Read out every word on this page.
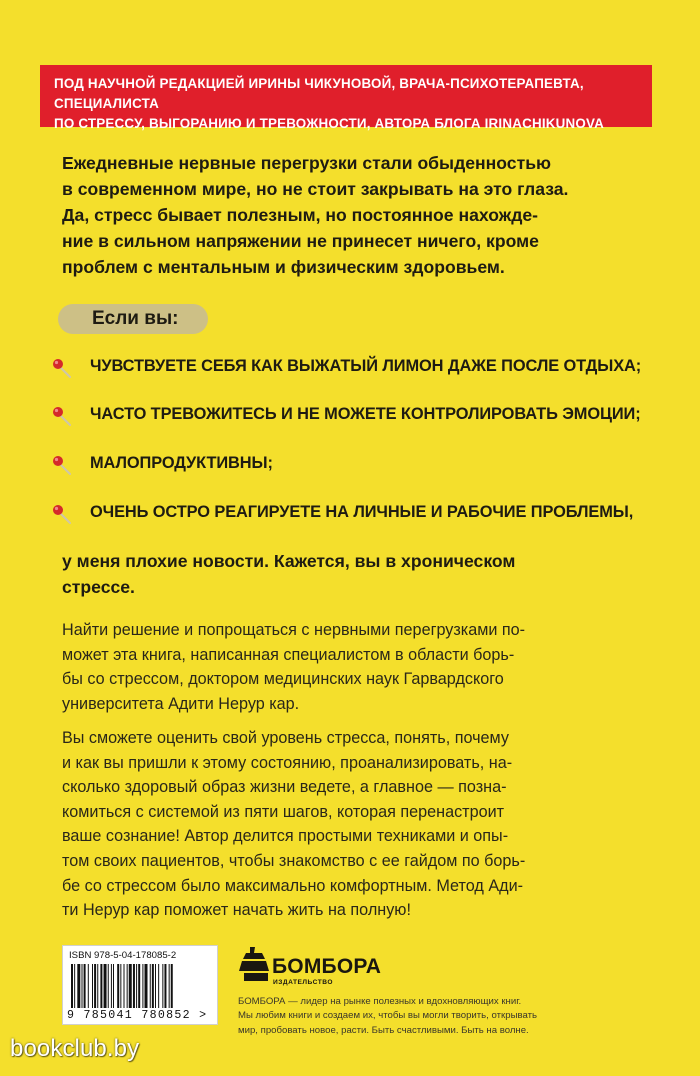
ПОД НАУЧНОЙ РЕДАКЦИЕЙ ИРИНЫ ЧИКУНОВОЙ, ВРАЧА-ПСИХОТЕРАПЕВТА, СПЕЦИАЛИСТА
ПО СТРЕССУ, ВЫГОРАНИЮ И ТРЕВОЖНОСТИ, АВТОРА БЛОГА IRINACHIKUNOVA
Ежедневные нервные перегрузки стали обыденностью
в современном мире, но не стоит закрывать на это глаза.
Да, стресс бывает полезным, но постоянное нахожде-
ние в сильном напряжении не принесет ничего, кроме
проблем с ментальным и физическим здоровьем.
Если вы:
ЧУВСТВУЕТЕ СЕБЯ КАК ВЫЖАТЫЙ ЛИМОН ДАЖЕ ПОСЛЕ ОТДЫХА;
ЧАСТО ТРЕВОЖИТЕСЬ И НЕ МОЖЕТЕ КОНТРОЛИРОВАТЬ ЭМОЦИИ;
МАЛОПРОДУКТИВНЫ;
ОЧЕНЬ ОСТРО РЕАГИРУЕТЕ НА ЛИЧНЫЕ И РАБОЧИЕ ПРОБЛЕМЫ,
у меня плохие новости. Кажется, вы в хроническом
стрессе.
Найти решение и попрощаться с нервными перегрузками по-
может эта книга, написанная специалистом в области борь-
бы со стрессом, доктором медицинских наук Гарвардского
университета Адити Нерур кар.
Вы сможете оценить свой уровень стресса, понять, почему
и как вы пришли к этому состоянию, проанализировать, на-
сколько здоровый образ жизни ведете, а главное — позна-
комиться с системой из пяти шагов, которая перенастроит
ваше сознание! Автор делится простыми техниками и опы-
том своих пациентов, чтобы знакомство с ее гайдом по борь-
бе со стрессом было максимально комфортным. Метод Ади-
ти Нерур кар поможет начать жить на полную!
ISBN 978-5-04-178085-2
9 785041 780852 >
БОМБОРА
ИЗДАТЕЛЬСТВО
БОМБОРА — лидер на рынке полезных и вдохновляющих книг.
Мы любим книги и создаем их, чтобы вы могли творить, открывать
мир, пробовать новое, расти. Быть счастливыми. Быть на волне.
bookclub.by
